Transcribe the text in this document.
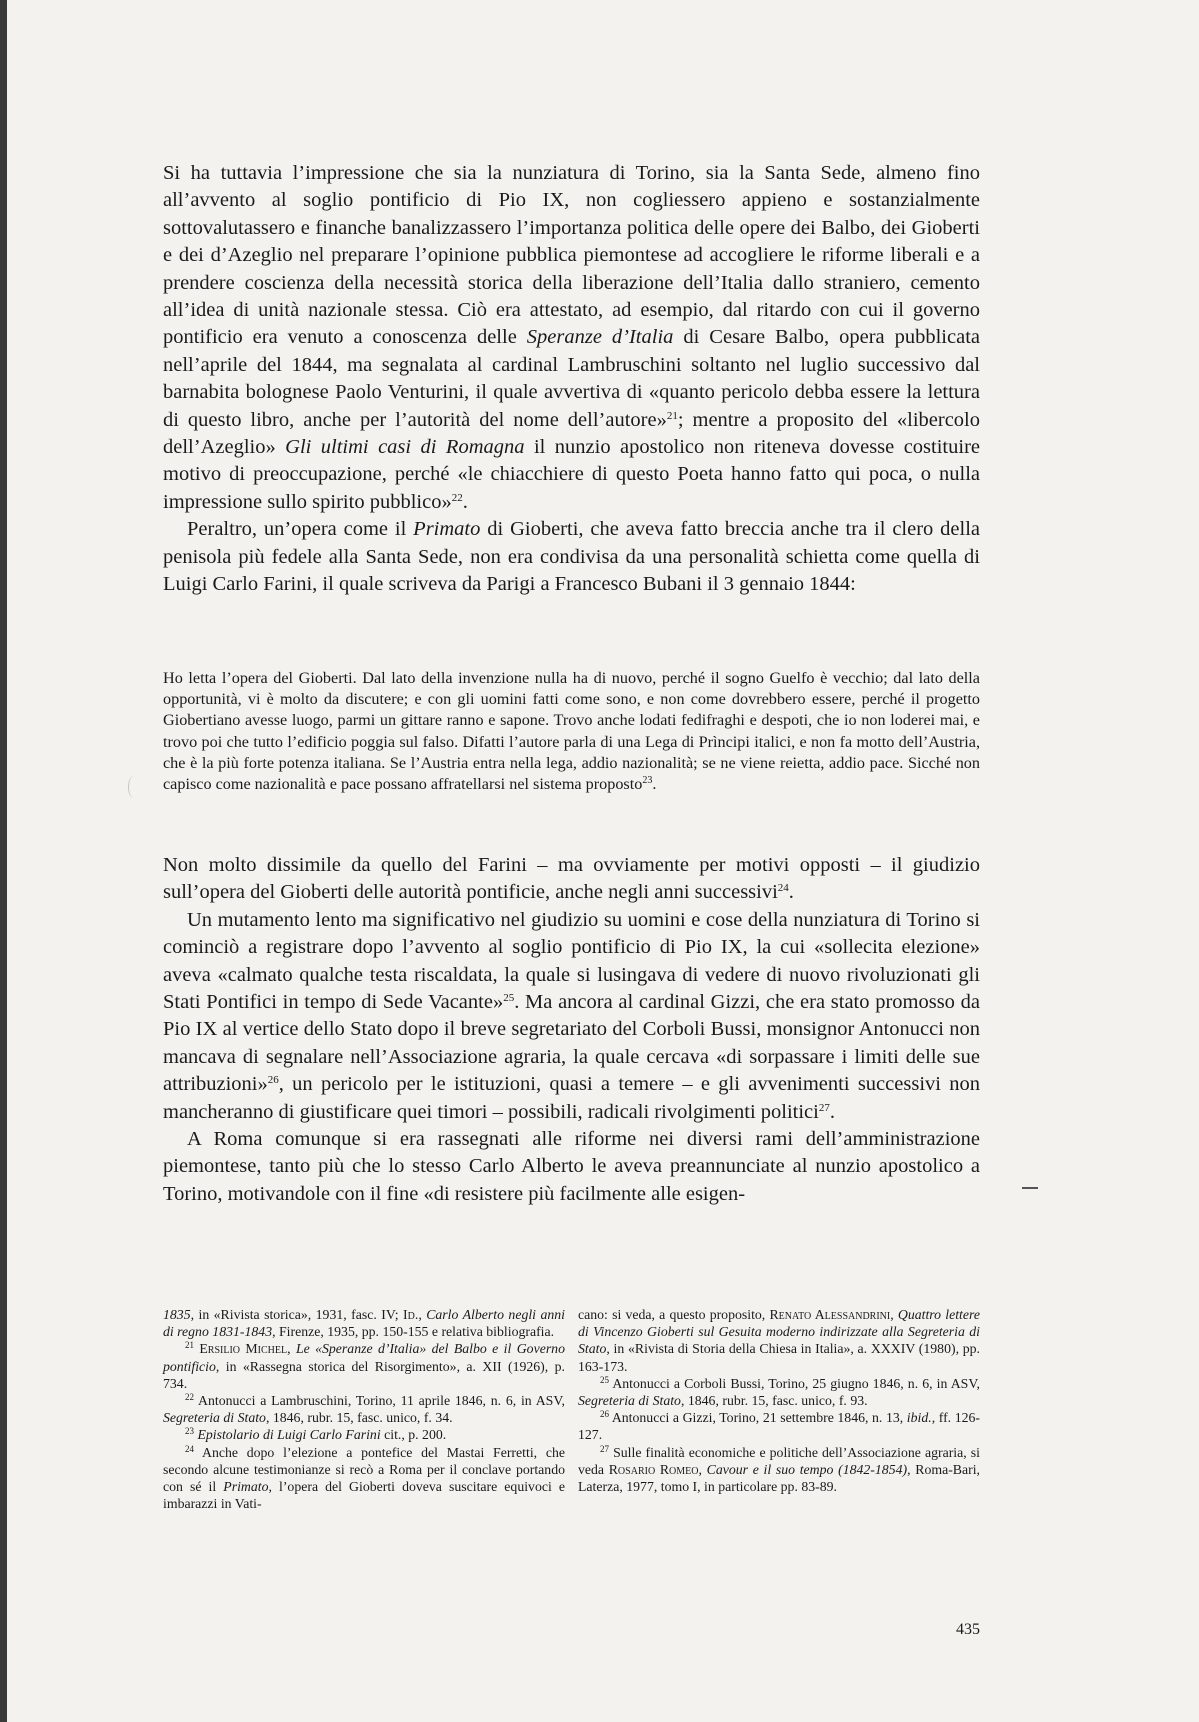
Si ha tuttavia l’impressione che sia la nunziatura di Torino, sia la Santa Sede, almeno fino all’avvento al soglio pontificio di Pio IX, non cogliessero appieno e sostanzialmente sottovalutassero e finanche banalizzassero l’importanza politica delle opere dei Balbo, dei Gioberti e dei d’Azeglio nel preparare l’opinione pubblica piemontese ad accogliere le riforme liberali e a prendere coscienza della necessità storica della liberazione dell’Italia dallo straniero, cemento all’idea di unità nazionale stessa. Ciò era attestato, ad esempio, dal ritardo con cui il governo pontificio era venuto a conoscenza delle Speranze d’Italia di Cesare Balbo, opera pubblicata nell’aprile del 1844, ma segnalata al cardinal Lambruschini soltanto nel luglio successivo dal barnabita bolognese Paolo Venturini, il quale avvertiva di «quanto pericolo debba essere la lettura di questo libro, anche per l’autorità del nome dell’autore»$^{21}$; mentre a proposito del «libercolo dell’Azeglio» Gli ultimi casi di Romagna il nunzio apostolico non riteneva dovesse costituire motivo di preoccupazione, perché «le chiacchiere di questo Poeta hanno fatto qui poca, o nulla impressione sullo spirito pubblico»$^{22}$.

Peraltro, un’opera come il Primato di Gioberti, che aveva fatto breccia anche tra il clero della penisola più fedele alla Santa Sede, non era condivisa da una personalità schietta come quella di Luigi Carlo Farini, il quale scriveva da Parigi a Francesco Bubani il 3 gennaio 1844:

Ho letta l’opera del Gioberti. Dal lato della invenzione nulla ha di nuovo, perché il sogno Guelfo è vecchio; dal lato della opportunità, vi è molto da discutere; e con gli uomini fatti come sono, e non come dovrebbero essere, perché il progetto Giobertiano avesse luogo, parmi un gittare ranno e sapone. Trovo anche lodati fedifraghi e despoti, che io non loderei mai, e trovo poi che tutto l’edificio poggia sul falso. Difatti l’autore parla di una Lega di Prìncipi italici, e non fa motto dell’Austria, che è la più forte potenza italiana. Se l’Austria entra nella lega, addio nazionalità; se ne viene reietta, addio pace. Sicché non capisco come nazionalità e pace possano affratellarsi nel sistema proposto$^{23}$.

Non molto dissimile da quello del Farini – ma ovviamente per motivi opposti – il giudizio sull’opera del Gioberti delle autorità pontificie, anche negli anni successivi$^{24}$.

Un mutamento lento ma significativo nel giudizio su uomini e cose della nunziatura di Torino si cominciò a registrare dopo l’avvento al soglio pontificio di Pio IX, la cui «sollecita elezione» aveva «calmato qualche testa riscaldata, la quale si lusingava di vedere di nuovo rivoluzionati gli Stati Pontifici in tempo di Sede Vacante»$^{25}$. Ma ancora al cardinal Gizzi, che era stato promosso da Pio IX al vertice dello Stato dopo il breve segretariato del Corboli Bussi, monsignor Antonucci non mancava di segnalare nell’Associazione agraria, la quale cercava «di sorpassare i limiti delle sue attribuzioni»$^{26}$, un pericolo per le istituzioni, quasi a temere – e gli avvenimenti successivi non mancheranno di giustificare quei timori – possibili, radicali rivolgimenti politici$^{27}$.

A Roma comunque si era rassegnati alle riforme nei diversi rami dell’amministrazione piemontese, tanto più che lo stesso Carlo Alberto le aveva preannunciate al nunzio apostolico a Torino, motivandole con il fine «di resistere più facilmente alle esigen-

1835, in «Rivista storica», 1931, fasc. IV; Id., Carlo Alberto negli anni di regno 1831-1843, Firenze, 1935, pp. 150-155 e relativa bibliografia.

$^{21}$ Ersilio Michel, Le «Speranze d’Italia» del Balbo e il Governo pontificio, in «Rassegna storica del Risorgimento», a. XII (1926), p. 734.

$^{22}$ Antonucci a Lambruschini, Torino, 11 aprile 1846, n. 6, in ASV, Segreteria di Stato, 1846, rubr. 15, fasc. unico, f. 34.

$^{23}$ Epistolario di Luigi Carlo Farini cit., p. 200.

$^{24}$ Anche dopo l’elezione a pontefice del Mastai Ferretti, che secondo alcune testimonianze si recò a Roma per il conclave portando con sé il Primato, l’opera del Gioberti doveva suscitare equivoci e imbarazzi in Vati-

cano: si veda, a questo proposito, Renato Alessandrini, Quattro lettere di Vincenzo Gioberti sul Gesuita moderno indirizzate alla Segreteria di Stato, in «Rivista di Storia della Chiesa in Italia», a. XXXIV (1980), pp. 163-173.

$^{25}$ Antonucci a Corboli Bussi, Torino, 25 giugno 1846, n. 6, in ASV, Segreteria di Stato, 1846, rubr. 15, fasc. unico, f. 93.

$^{26}$ Antonucci a Gizzi, Torino, 21 settembre 1846, n. 13, ibid., ff. 126-127.

$^{27}$ Sulle finalità economiche e politiche dell’Associazione agraria, si veda Rosario Romeo, Cavour e il suo tempo (1842-1854), Roma-Bari, Laterza, 1977, tomo I, in particolare pp. 83-89.

435
